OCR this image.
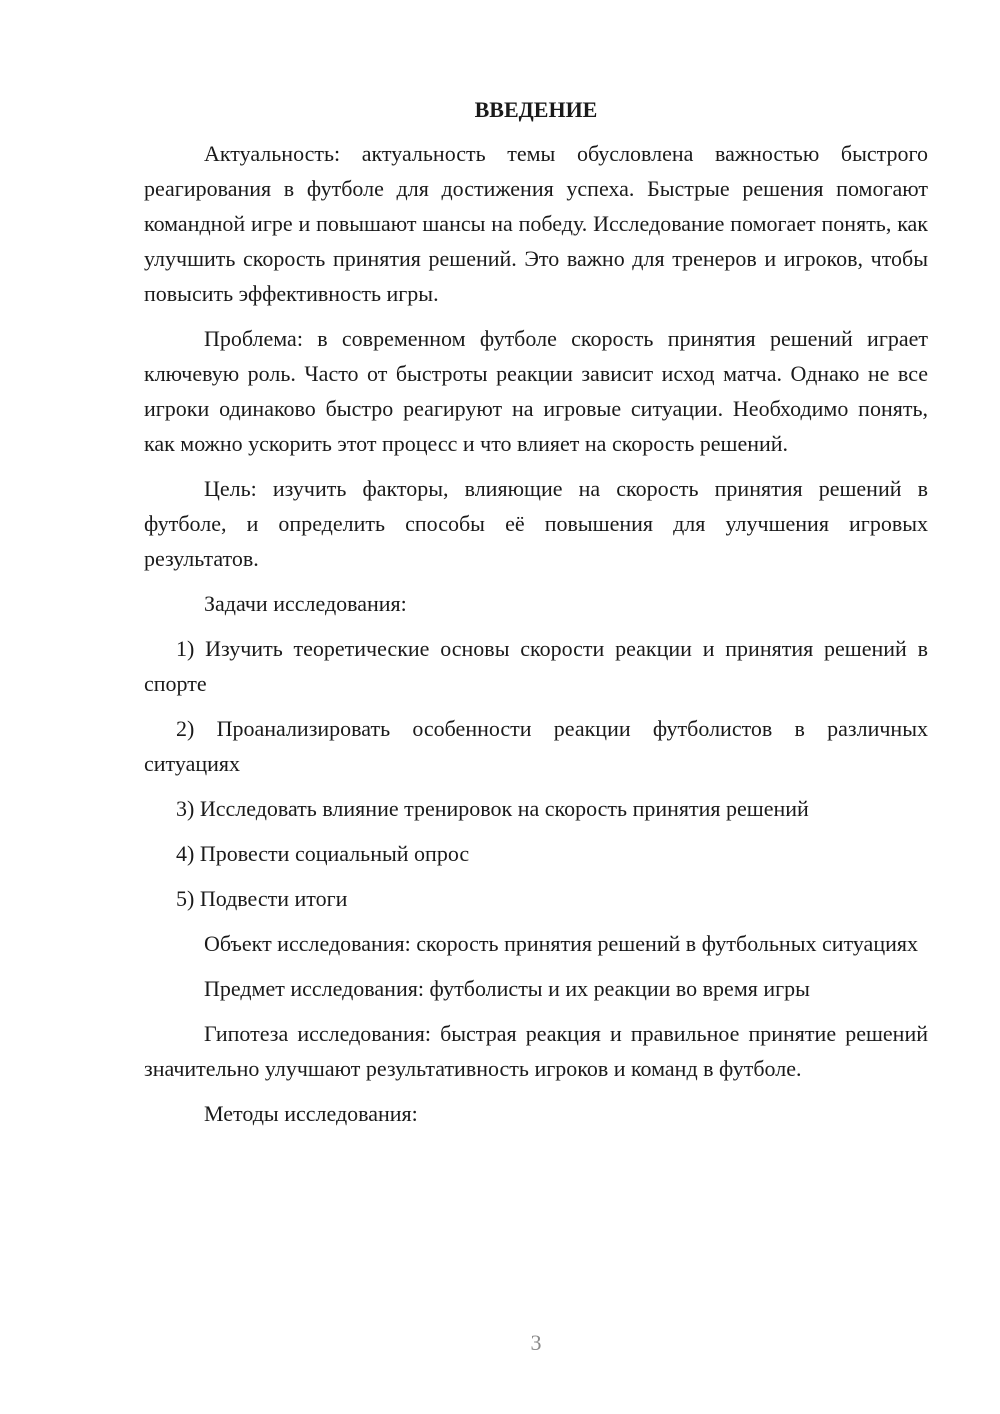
ВВЕДЕНИЕ

Актуальность: актуальность темы обусловлена важностью быстрого реагирования в футболе для достижения успеха. Быстрые решения помогают командной игре и повышают шансы на победу. Исследование помогает понять, как улучшить скорость принятия решений. Это важно для тренеров и игроков, чтобы повысить эффективность игры.

Проблема: в современном футболе скорость принятия решений играет ключевую роль. Часто от быстроты реакции зависит исход матча. Однако не все игроки одинаково быстро реагируют на игровые ситуации. Необходимо понять, как можно ускорить этот процесс и что влияет на скорость решений.

Цель: изучить факторы, влияющие на скорость принятия решений в футболе, и определить способы её повышения для улучшения игровых результатов.

Задачи исследования:

1) Изучить теоретические основы скорости реакции и принятия решений в спорте

2) Проанализировать особенности реакции футболистов в различных ситуациях

3) Исследовать влияние тренировок на скорость принятия решений

4) Провести социальный опрос

5) Подвести итоги

Объект исследования: скорость принятия решений в футбольных ситуациях

Предмет исследования: футболисты и их реакции во время игры

Гипотеза исследования: быстрая реакция и правильное принятие решений значительно улучшают результативность игроков и команд в футболе.

Методы исследования:

3
